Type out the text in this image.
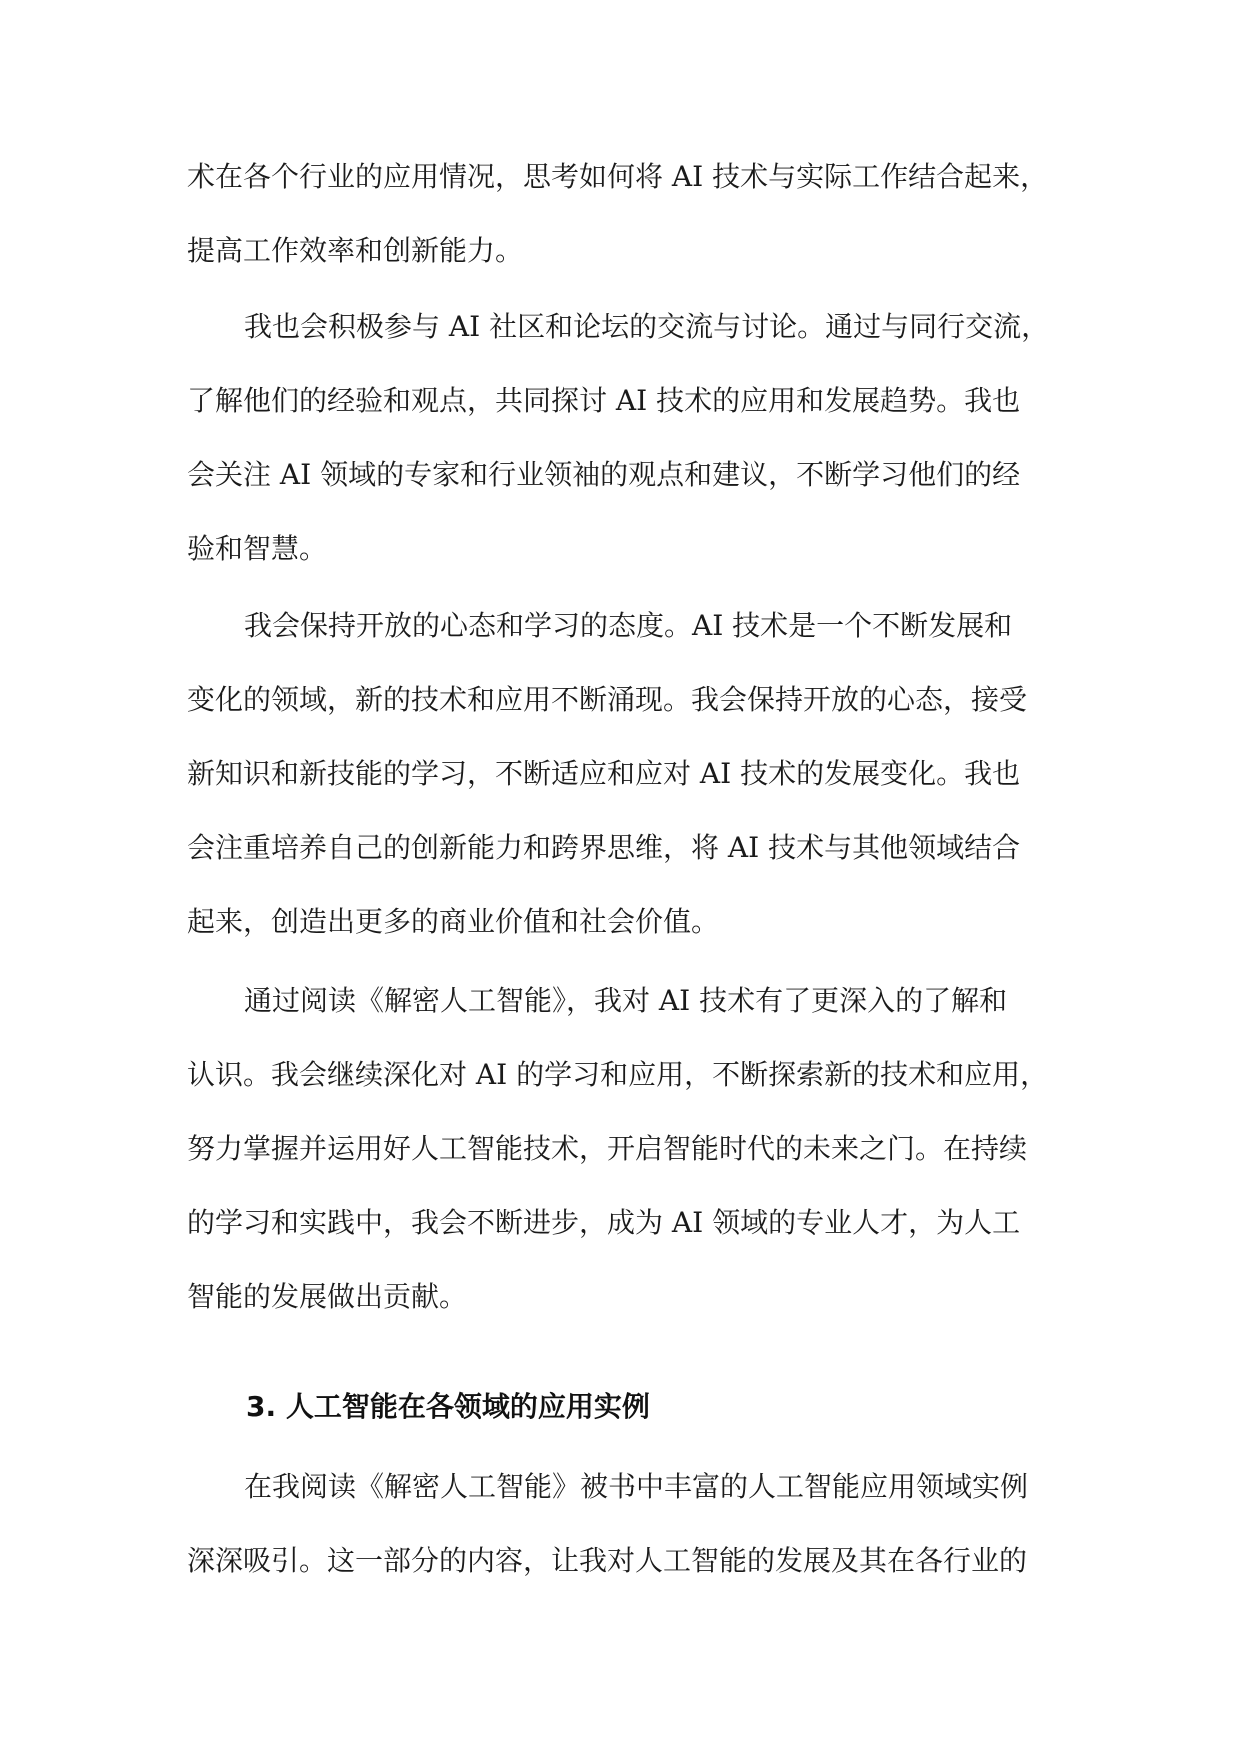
术在各个行业的应用情况，思考如何将 AI 技术与实际工作结合起来，
提高工作效率和创新能力。
我也会积极参与 AI 社区和论坛的交流与讨论。通过与同行交流，
了解他们的经验和观点，共同探讨 AI 技术的应用和发展趋势。我也
会关注 AI 领域的专家和行业领袖的观点和建议，不断学习他们的经
验和智慧。
我会保持开放的心态和学习的态度。AI 技术是一个不断发展和
变化的领域，新的技术和应用不断涌现。我会保持开放的心态，接受
新知识和新技能的学习，不断适应和应对 AI 技术的发展变化。我也
会注重培养自己的创新能力和跨界思维，将 AI 技术与其他领域结合
起来，创造出更多的商业价值和社会价值。
通过阅读《解密人工智能》，我对 AI 技术有了更深入的了解和
认识。我会继续深化对 AI 的学习和应用，不断探索新的技术和应用，
努力掌握并运用好人工智能技术，开启智能时代的未来之门。在持续
的学习和实践中，我会不断进步，成为 AI 领域的专业人才，为人工
智能的发展做出贡献。
3. 人工智能在各领域的应用实例
在我阅读《解密人工智能》被书中丰富的人工智能应用领域实例
深深吸引。这一部分的内容，让我对人工智能的发展及其在各行业的
